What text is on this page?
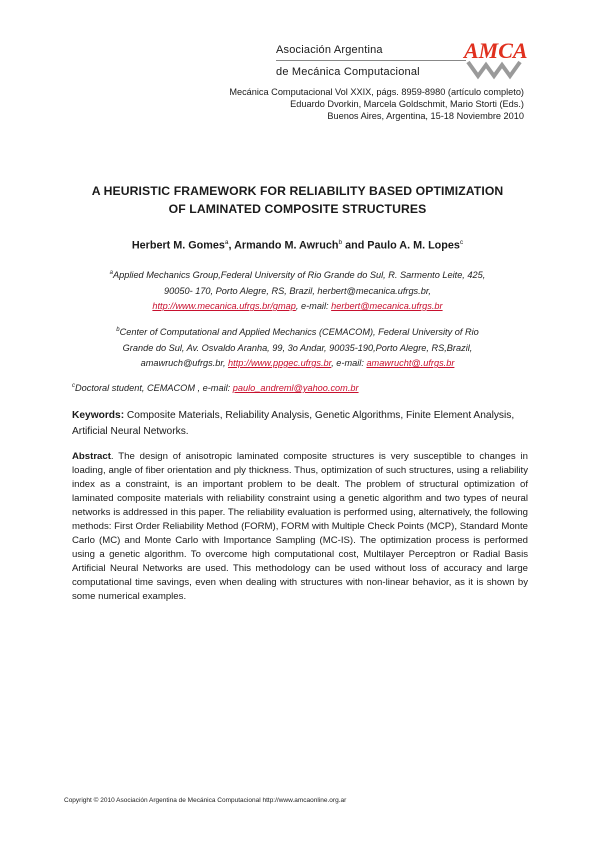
Asociación Argentina
de Mecánica Computacional
AMCA
Mecánica Computacional Vol XXIX, págs. 8959-8980 (artículo completo)
Eduardo Dvorkin, Marcela Goldschmit, Mario Storti (Eds.)
Buenos Aires, Argentina, 15-18 Noviembre 2010
A HEURISTIC FRAMEWORK FOR RELIABILITY BASED OPTIMIZATION
OF LAMINATED COMPOSITE STRUCTURES
Herbert M. Gomes$^a$, Armando M. Awruch$^b$ and Paulo A. M. Lopes$^c$
$^a$Applied Mechanics Group,Federal University of Rio Grande do Sul, R. Sarmento Leite, 425,
90050- 170, Porto Alegre, RS, Brazil, herbert@mecanica.ufrgs.br,
http://www.mecanica.ufrgs.br/gmap, e-mail: herbert@mecanica.ufrgs.br
$^b$Center of Computational and Applied Mechanics (CEMACOM), Federal University of Rio
Grande do Sul, Av. Osvaldo Aranha, 99, 3o Andar, 90035-190,Porto Alegre, RS,Brazil,
amawruch@ufrgs.br, http://www.ppgec.ufrgs.br, e-mail: amawrucht@.ufrgs.br
$^c$Doctoral student, CEMACOM , e-mail: paulo_andreml@yahoo.com.br
Keywords: Composite Materials, Reliability Analysis, Genetic Algorithms, Finite Element Analysis, Artificial Neural Networks.
Abstract. The design of anisotropic laminated composite structures is very susceptible to changes in loading, angle of fiber orientation and ply thickness. Thus, optimization of such structures, using a reliability index as a constraint, is an important problem to be dealt. The problem of structural optimization of laminated composite materials with reliability constraint using a genetic algorithm and two types of neural networks is addressed in this paper. The reliability evaluation is performed using, alternatively, the following methods: First Order Reliability Method (FORM), FORM with Multiple Check Points (MCP), Standard Monte Carlo (MC) and Monte Carlo with Importance Sampling (MC-IS). The optimization process is performed using a genetic algorithm. To overcome high computational cost, Multilayer Perceptron or Radial Basis Artificial Neural Networks are used. This methodology can be used without loss of accuracy and large computational time savings, even when dealing with structures with non-linear behavior, as it is shown by some numerical examples.
Copyright © 2010 Asociación Argentina de Mecánica Computacional http://www.amcaonline.org.ar
